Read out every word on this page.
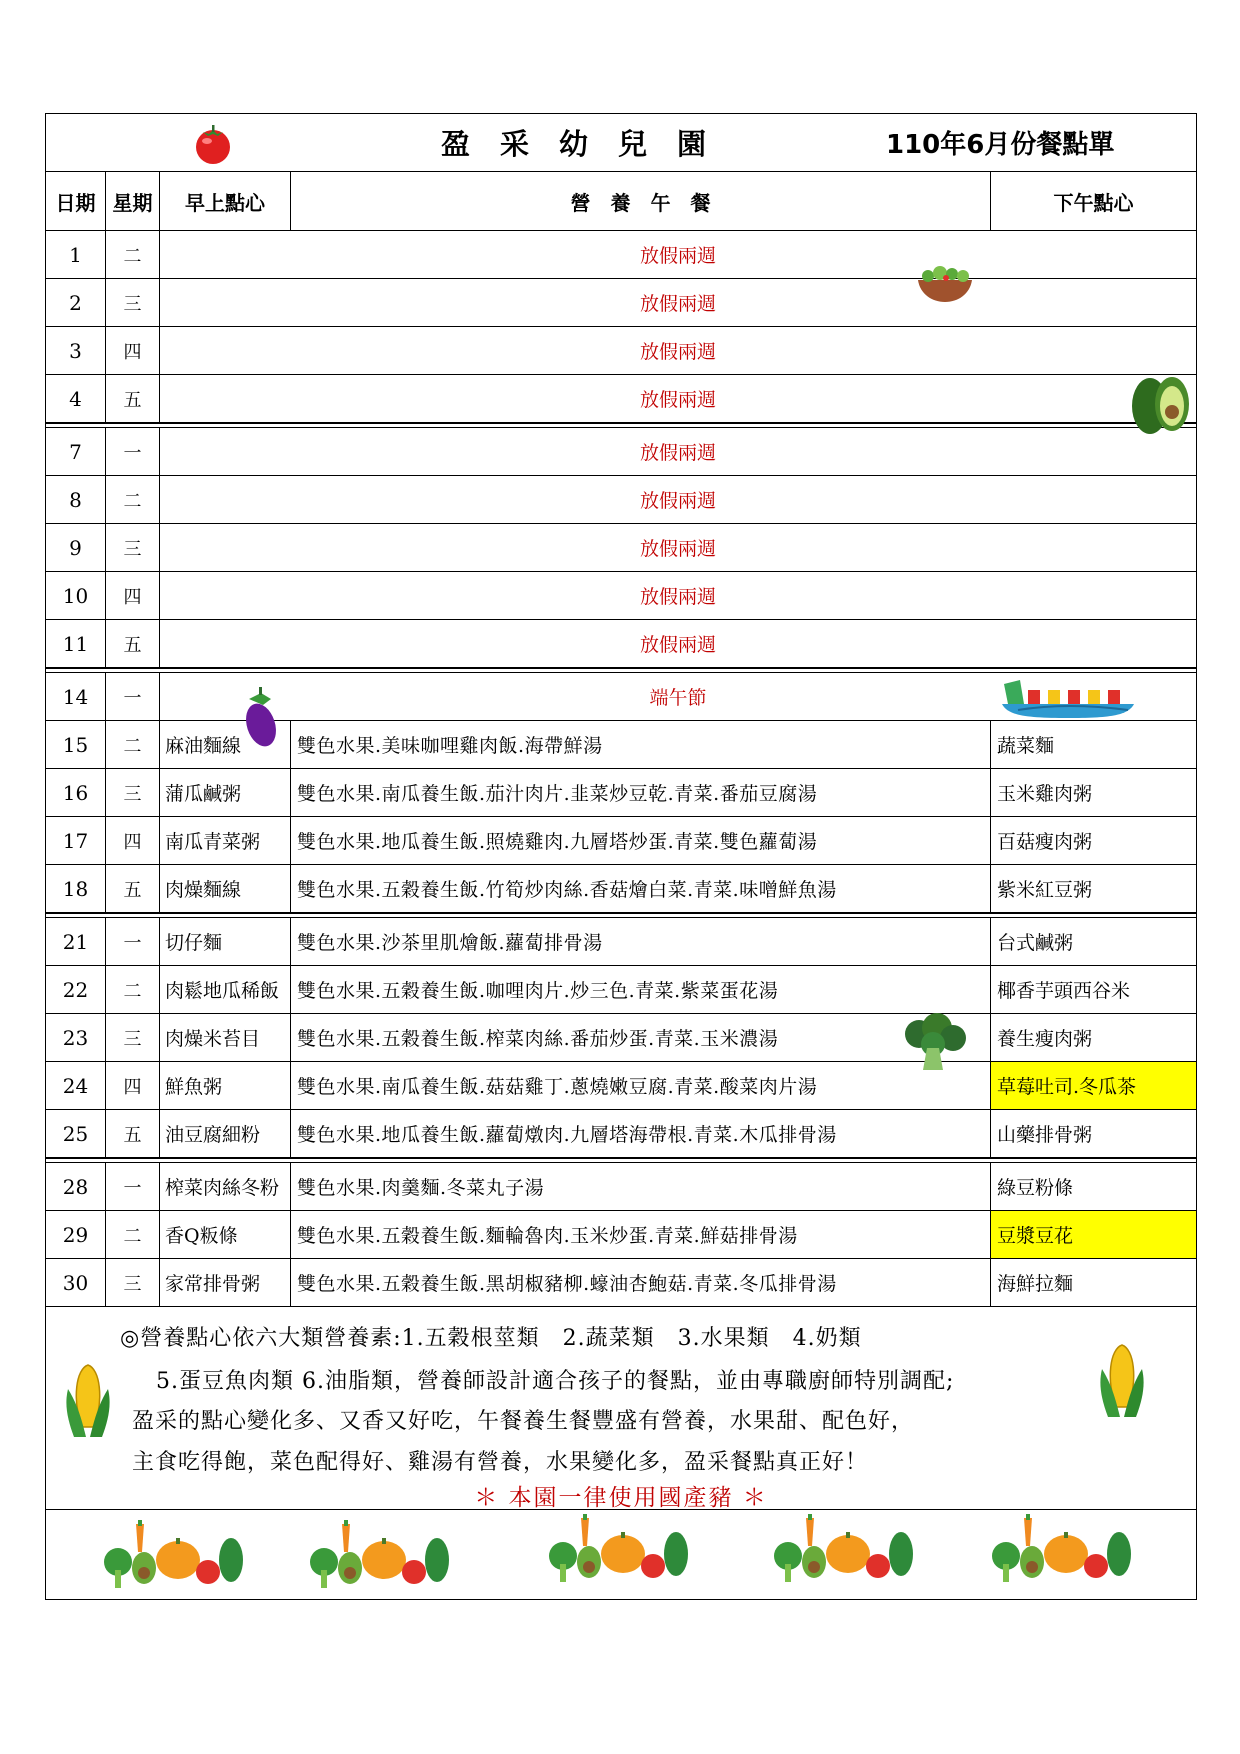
盈采幼兒園	110年6月份餐點單
日期 星期	早上點心	營　養　午　餐	下午點心
1	二	放假兩週
2	三	放假兩週
3	四	放假兩週
4	五	放假兩週
7	一	放假兩週
8	二	放假兩週
9	三	放假兩週
10	四	放假兩週
11	五	放假兩週
14	一	端午節
15	二	麻油麵線	雙色水果.美味咖哩雞肉飯.海帶鮮湯	蔬菜麵
16	三	蒲瓜鹹粥	雙色水果.南瓜養生飯.茄汁肉片.韭菜炒豆乾.青菜.番茄豆腐湯	玉米雞肉粥
17	四	南瓜青菜粥	雙色水果.地瓜養生飯.照燒雞肉.九層塔炒蛋.青菜.雙色蘿蔔湯	百菇瘦肉粥
18	五	肉燥麵線	雙色水果.五穀養生飯.竹筍炒肉絲.香菇燴白菜.青菜.味噌鮮魚湯	紫米紅豆粥
21	一	切仔麵	雙色水果.沙茶里肌燴飯.蘿蔔排骨湯	台式鹹粥
22	二	肉鬆地瓜稀飯 雙色水果.五穀養生飯.咖哩肉片.炒三色.青菜.紫菜蛋花湯	椰香芋頭西谷米
23	三	肉燥米苔目	雙色水果.五穀養生飯.榨菜肉絲.番茄炒蛋.青菜.玉米濃湯	養生瘦肉粥
24	四	鮮魚粥	雙色水果.南瓜養生飯.菇菇雞丁.蔥燒嫩豆腐.青菜.酸菜肉片湯	草莓吐司.冬瓜茶
25	五	油豆腐細粉	雙色水果.地瓜養生飯.蘿蔔燉肉.九層塔海帶根.青菜.木瓜排骨湯	山藥排骨粥
28	一	榨菜肉絲冬粉 雙色水果.肉羹麵.冬菜丸子湯	綠豆粉條
29	二	香Q粄條	雙色水果.五穀養生飯.麵輪魯肉.玉米炒蛋.青菜.鮮菇排骨湯	豆漿豆花
30	三	家常排骨粥	雙色水果.五穀養生飯.黑胡椒豬柳.蠔油杏鮑菇.青菜.冬瓜排骨湯	海鮮拉麵
◎營養點心依六大類營養素:1.五穀根莖類　2.蔬菜類　3.水果類　4.奶類
5.蛋豆魚肉類 6.油脂類，營養師設計適合孩子的餐點，並由專職廚師特別調配;
盈采的點心變化多、又香又好吃，午餐養生餐豐盛有營養，水果甜、配色好，
主食吃得飽，菜色配得好、雞湯有營養，水果變化多，盈采餐點真正好！
＊ 本園一律使用國產豬 ＊
